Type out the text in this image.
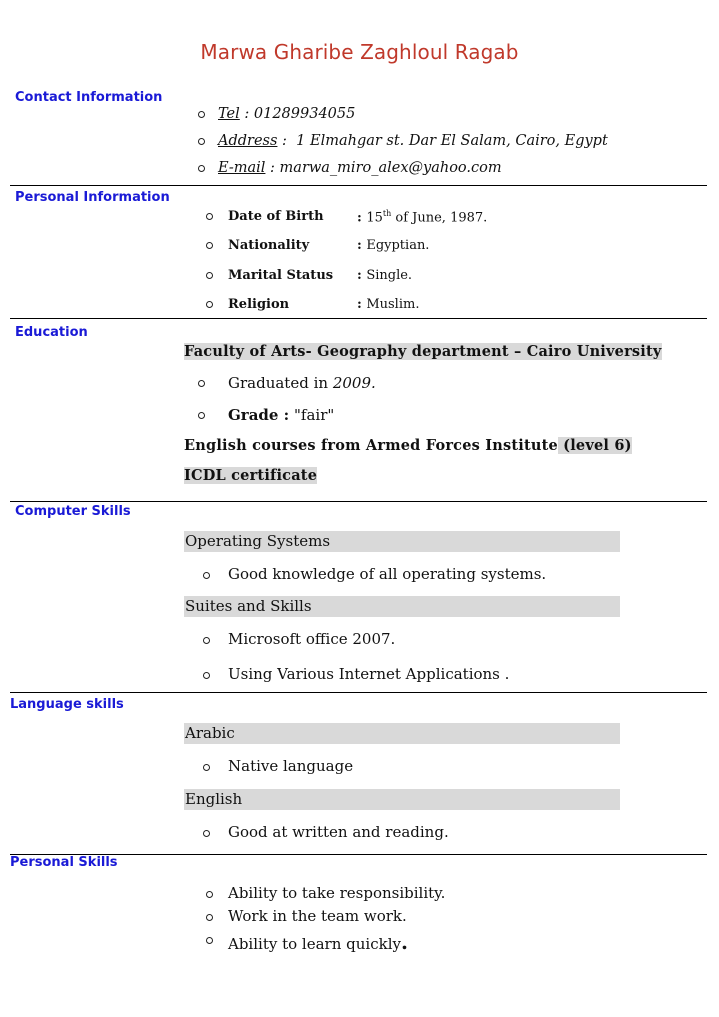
Marwa Gharibe Zaghloul Ragab
Contact Information
Tel : 01289934055
Address :  1 Elmahgar st. Dar El Salam, Cairo, Egypt
E-mail : marwa_miro_alex@yahoo.com
Personal Information
Date of Birth	: 15th of June, 1987.
Nationality	: Egyptian.
Marital Status : Single.
Religion	: Muslim.
Education
Faculty of Arts- Geography department – Cairo University
Graduated in 2009.
Grade : "fair"
English courses from Armed Forces Institute (level 6)
ICDL certificate
Computer Skills
Operating Systems
Good knowledge of all operating systems.
Suites and Skills
Microsoft office 2007.
Using Various Internet Applications .
Language skills
Arabic
Native language
English
Good at written and reading.
Personal Skills
Ability to take responsibility.
Work in the team work.
Ability to learn quickly.
